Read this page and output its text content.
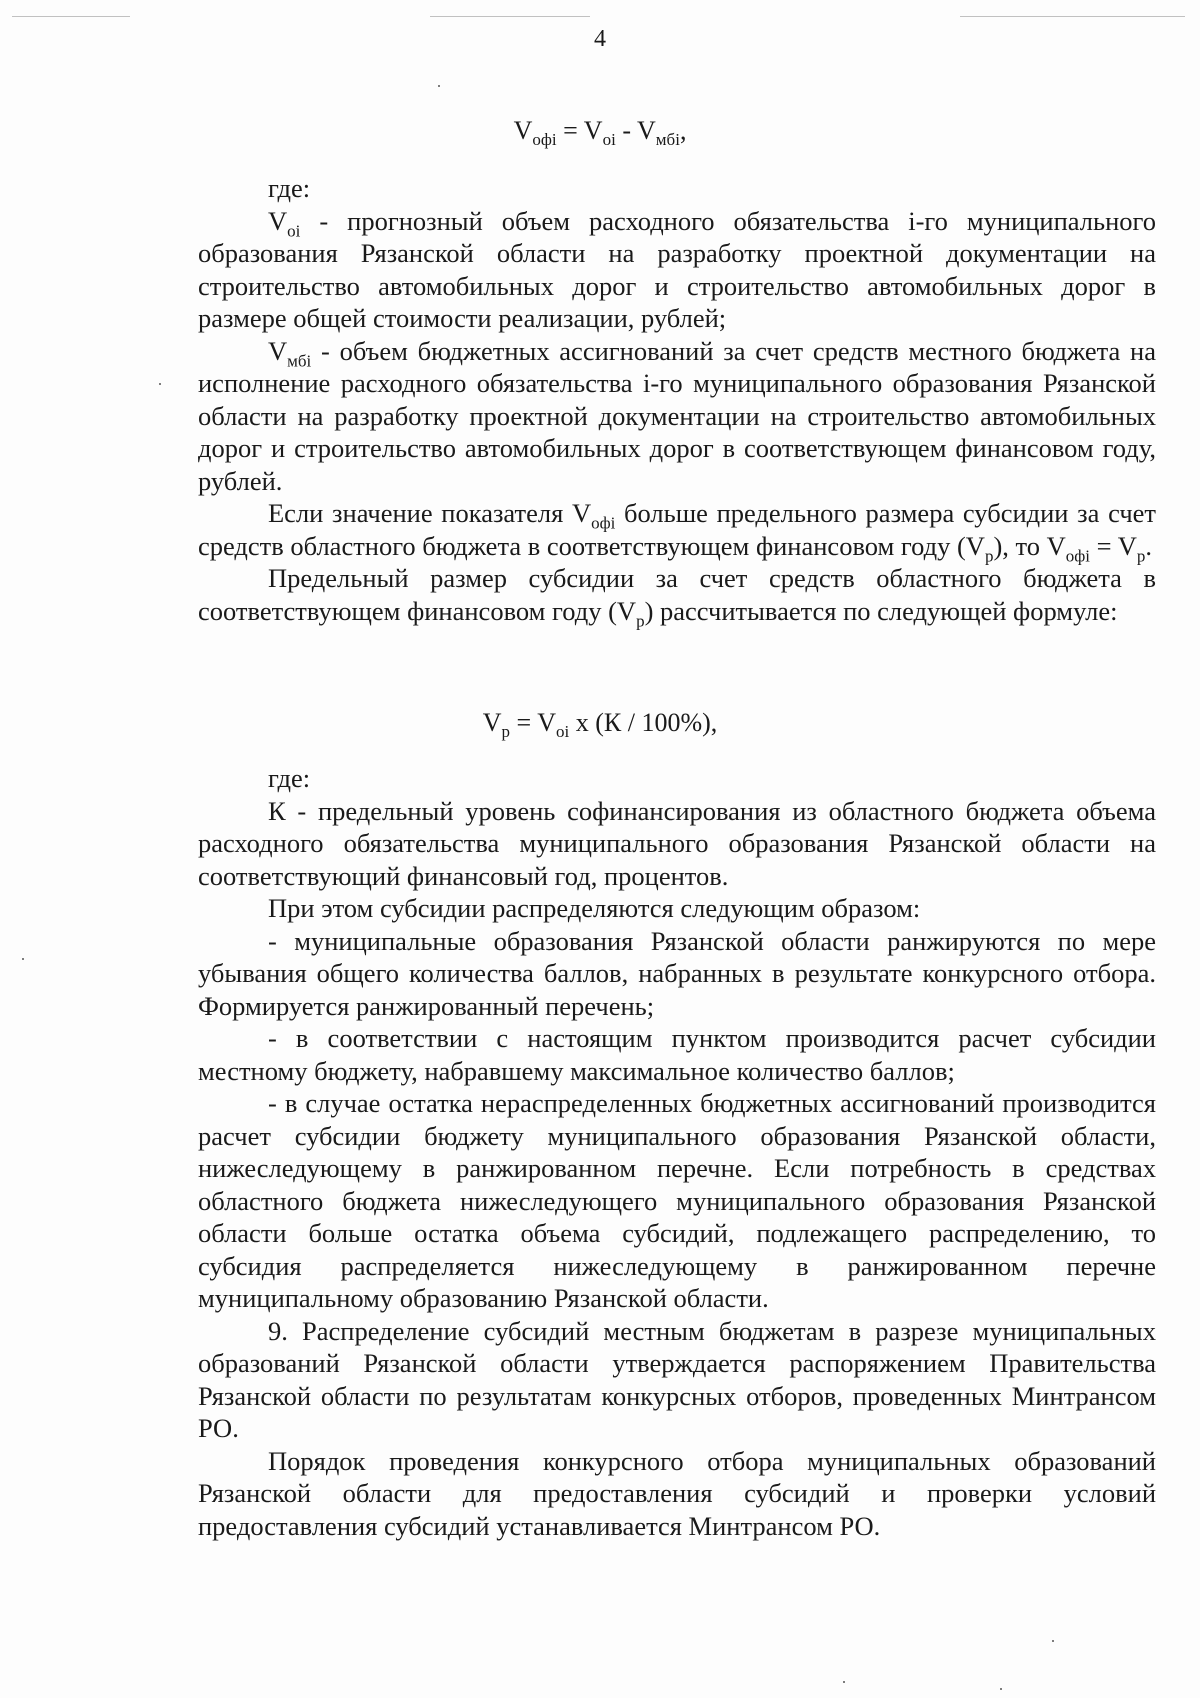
4
$V_{офi} = V_{oi} - V_{мбi}$,

где:

$V_{oi}$ - прогнозный объем расходного обязательства i-го муниципального образования Рязанской области на разработку проектной документации на строительство автомобильных дорог и строительство автомобильных дорог в размере общей стоимости реализации, рублей;

$V_{мбi}$ - объем бюджетных ассигнований за счет средств местного бюджета на исполнение расходного обязательства i-го муниципального образования Рязанской области на разработку проектной документации на строительство автомобильных дорог и строительство автомобильных дорог в соответствующем финансовом году, рублей.

Если значение показателя $V_{офi}$ больше предельного размера субсидии за счет средств областного бюджета в соответствующем финансовом году $(V_p)$, то $V_{офi} = V_p$.

Предельный размер субсидии за счет средств областного бюджета в соответствующем финансовом году $(V_p)$ рассчитывается по следующей формуле:

$V_p = V_{oi}$ x (К / 100%),

где:

К - предельный уровень софинансирования из областного бюджета объема расходного обязательства муниципального образования Рязанской области на соответствующий финансовый год, процентов.

При этом субсидии распределяются следующим образом:

- муниципальные образования Рязанской области ранжируются по мере убывания общего количества баллов, набранных в результате конкурсного отбора. Формируется ранжированный перечень;

- в соответствии с настоящим пунктом производится расчет субсидии местному бюджету, набравшему максимальное количество баллов;

- в случае остатка нераспределенных бюджетных ассигнований производится расчет субсидии бюджету муниципального образования Рязанской области, нижеследующему в ранжированном перечне. Если потребность в средствах областного бюджета нижеследующего муниципального образования Рязанской области больше остатка объема субсидий, подлежащего распределению, то субсидия распределяется нижеследующему в ранжированном перечне муниципальному образованию Рязанской области.

9. Распределение субсидий местным бюджетам в разрезе муниципальных образований Рязанской области утверждается распоряжением Правительства Рязанской области по результатам конкурсных отборов, проведенных Минтрансом РО.

Порядок проведения конкурсного отбора муниципальных образований Рязанской области для предоставления субсидий и проверки условий предоставления субсидий устанавливается Минтрансом РО.
